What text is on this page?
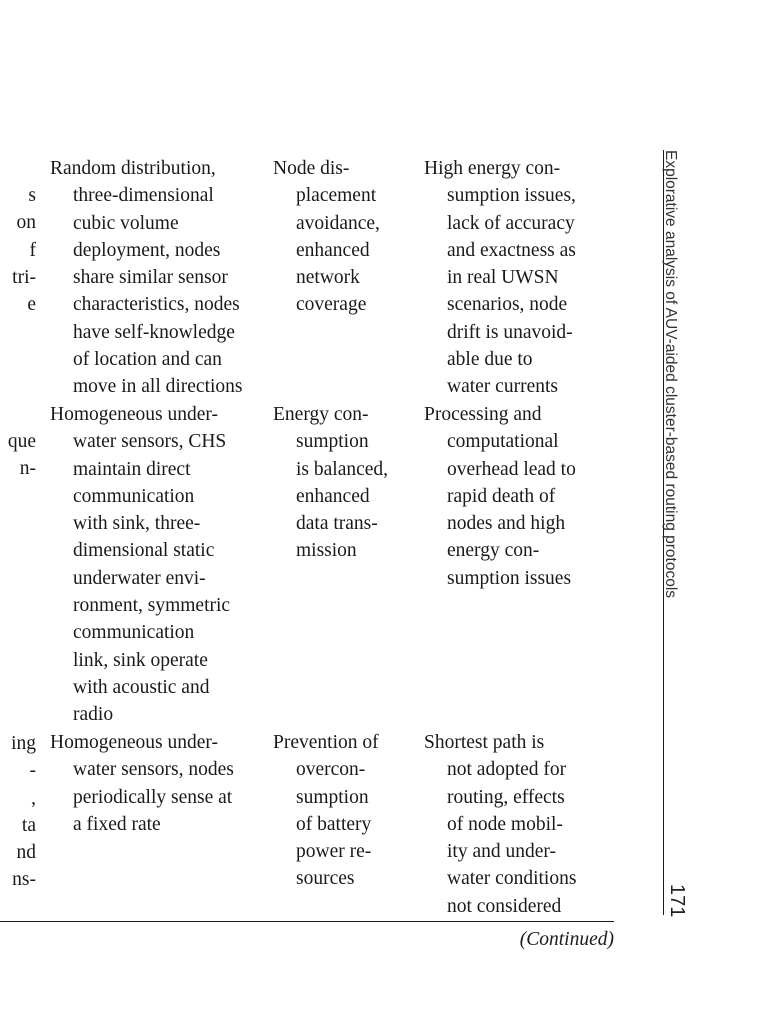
s
on
f
tri-
e
que
n-
ing
-
,
ta
nd
ns-
Random distribution,
three-dimensional
cubic volume
deployment, nodes
share similar sensor
characteristics, nodes
have self-knowledge
of location and can
move in all directions
Node dis-
placement
avoidance,
enhanced
network
coverage
High energy con-
sumption issues,
lack of accuracy
and exactness as
in real UWSN
scenarios, node
drift is unavoid-
able due to
water currents
Homogeneous under-
water sensors, CHS
maintain direct
communication
with sink, three-
dimensional static
underwater envi-
ronment, symmetric
communication
link, sink operate
with acoustic and
radio
Energy con-
sumption
is balanced,
enhanced
data trans-
mission
Processing and
computational
overhead lead to
rapid death of
nodes and high
energy con-
sumption issues
Homogeneous under-
water sensors, nodes
periodically sense at
a fixed rate
Prevention of
overcon-
sumption
of battery
power re-
sources
Shortest path is
not adopted for
routing, effects
of node mobil-
ity and under-
water conditions
not considered
(Continued)
Explorative analysis of AUV-aided cluster-based routing protocols
171
